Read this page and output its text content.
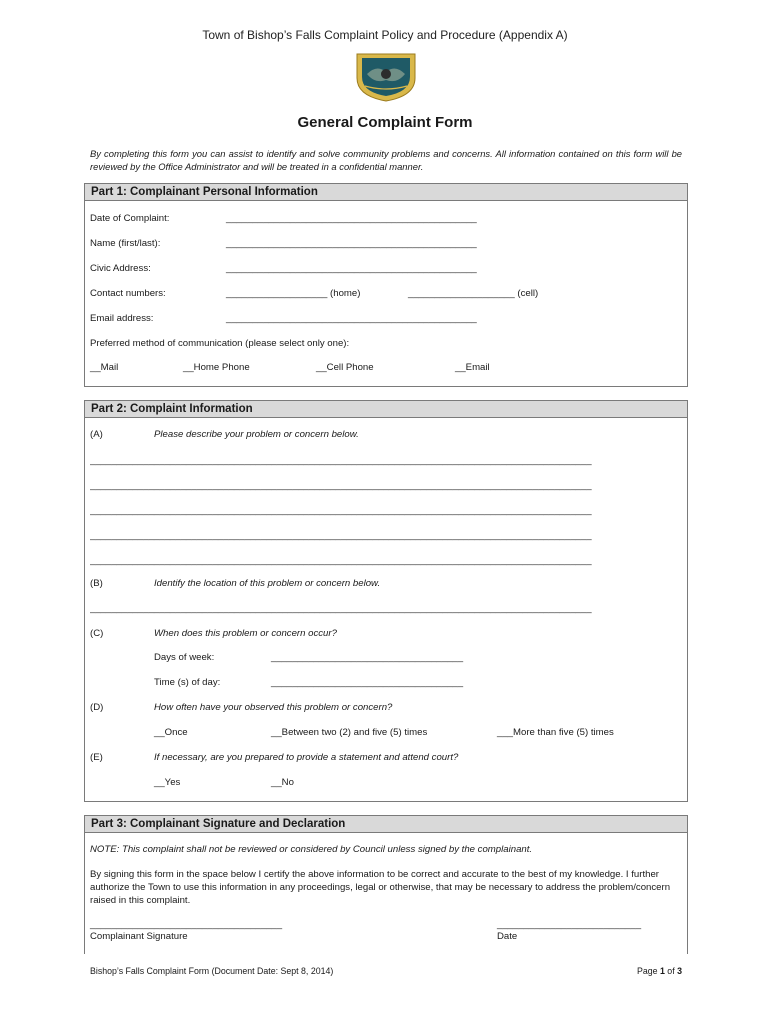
Town of Bishop’s Falls Complaint Policy and Procedure (Appendix A)
General Complaint Form
By completing this form you can assist to identify and solve community problems and concerns. All information contained on this form will be reviewed by the Office Administrator and will be treated in a confidential manner.
Part 1: Complainant Personal Information
Date of Complaint:	_______________________________________________
Name (first/last):	_______________________________________________
Civic Address:	_______________________________________________
Contact numbers:	___________________ (home)	____________________ (cell)
Email address:	_______________________________________________
Preferred method of communication (please select only one):
__Mail	__Home Phone	__Cell Phone	__Email
Part 2: Complaint Information
(A)	Please describe your problem or concern below.
______________________________________________________________________________________________
______________________________________________________________________________________________
______________________________________________________________________________________________
______________________________________________________________________________________________
______________________________________________________________________________________________
(B)	Identify the location of this problem or concern below.
______________________________________________________________________________________________
(C)	When does this problem or concern occur?
Days of week:	____________________________________
Time (s) of day:	____________________________________
(D)	How often have your observed this problem or concern?
__Once	__Between two (2) and five (5) times	___More than five (5) times
(E)	If necessary, are you prepared to provide a statement and attend court?
__Yes	__No
Part 3: Complainant Signature and Declaration
NOTE: This complaint shall not be reviewed or considered by Council unless signed by the complainant.
By signing this form in the space below I certify the above information to be correct and accurate to the best of my knowledge. I further authorize the Town to use this information in any proceedings, legal or otherwise, that may be necessary to address the problem/concern raised in this complaint.
____________________________________	___________________________
Complainant Signature	Date
Bishop’s Falls Complaint Form (Document Date: Sept 8, 2014)	Page 1 of 3
